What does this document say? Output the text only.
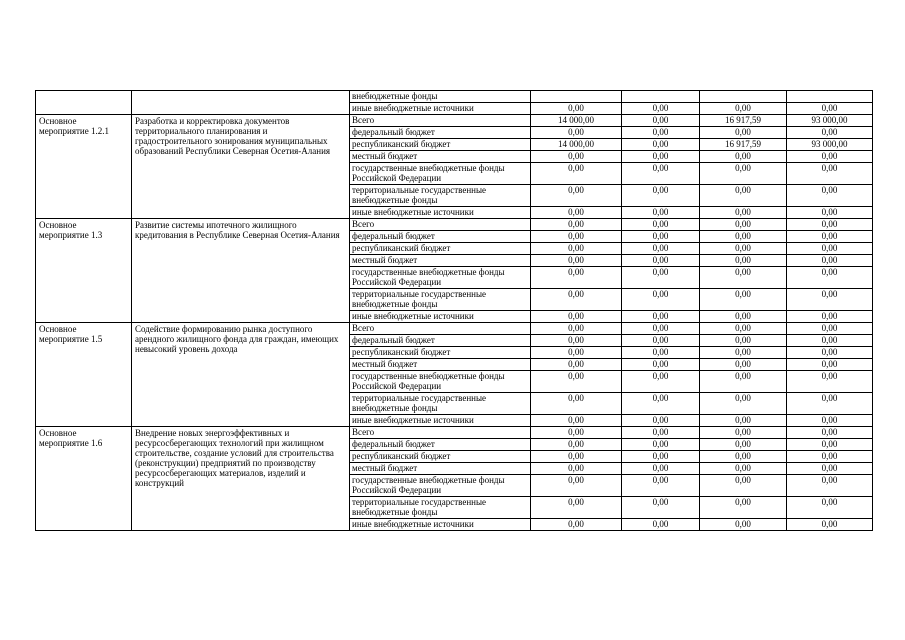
		внебюджетные фонды				
		иные внебюджетные источники	0,00	0,00	0,00	0,00
Основное мероприятие 1.2.1	Разработка и корректировка документов территориального планирования и градостроительного зонирования муниципальных образований Республики Северная Осетия-Алания	Всего	14 000,00	0,00	16 917,59	93 000,00
		федеральный бюджет	0,00	0,00	0,00	0,00
		республиканский бюджет	14 000,00	0,00	16 917,59	93 000,00
		местный бюджет	0,00	0,00	0,00	0,00
		государственные внебюджетные фонды Российской Федерации	0,00	0,00	0,00	0,00
		территориальные государственные внебюджетные фонды	0,00	0,00	0,00	0,00
		иные внебюджетные источники	0,00	0,00	0,00	0,00
Основное мероприятие 1.3	Развитие системы ипотечного жилищного кредитования в Республике Северная Осетия-Алания	Всего	0,00	0,00	0,00	0,00
		федеральный бюджет	0,00	0,00	0,00	0,00
		республиканский бюджет	0,00	0,00	0,00	0,00
		местный бюджет	0,00	0,00	0,00	0,00
		государственные внебюджетные фонды Российской Федерации	0,00	0,00	0,00	0,00
		территориальные государственные внебюджетные фонды	0,00	0,00	0,00	0,00
		иные внебюджетные источники	0,00	0,00	0,00	0,00
Основное мероприятие 1.5	Содействие формированию рынка доступного арендного жилищного фонда для граждан, имеющих невысокий уровень дохода	Всего	0,00	0,00	0,00	0,00
		федеральный бюджет	0,00	0,00	0,00	0,00
		республиканский бюджет	0,00	0,00	0,00	0,00
		местный бюджет	0,00	0,00	0,00	0,00
		государственные внебюджетные фонды Российской Федерации	0,00	0,00	0,00	0,00
		территориальные государственные внебюджетные фонды	0,00	0,00	0,00	0,00
		иные внебюджетные источники	0,00	0,00	0,00	0,00
Основное мероприятие 1.6	Внедрение новых энергоэффективных и ресурсосберегающих технологий при жилищном строительстве, создание условий для строительства (реконструкции) предприятий по производству ресурсосберегающих материалов, изделий и конструкций	Всего	0,00	0,00	0,00	0,00
		федеральный бюджет	0,00	0,00	0,00	0,00
		республиканский бюджет	0,00	0,00	0,00	0,00
		местный бюджет	0,00	0,00	0,00	0,00
		государственные внебюджетные фонды Российской Федерации	0,00	0,00	0,00	0,00
		территориальные государственные внебюджетные фонды	0,00	0,00	0,00	0,00
		иные внебюджетные источники	0,00	0,00	0,00	0,00
